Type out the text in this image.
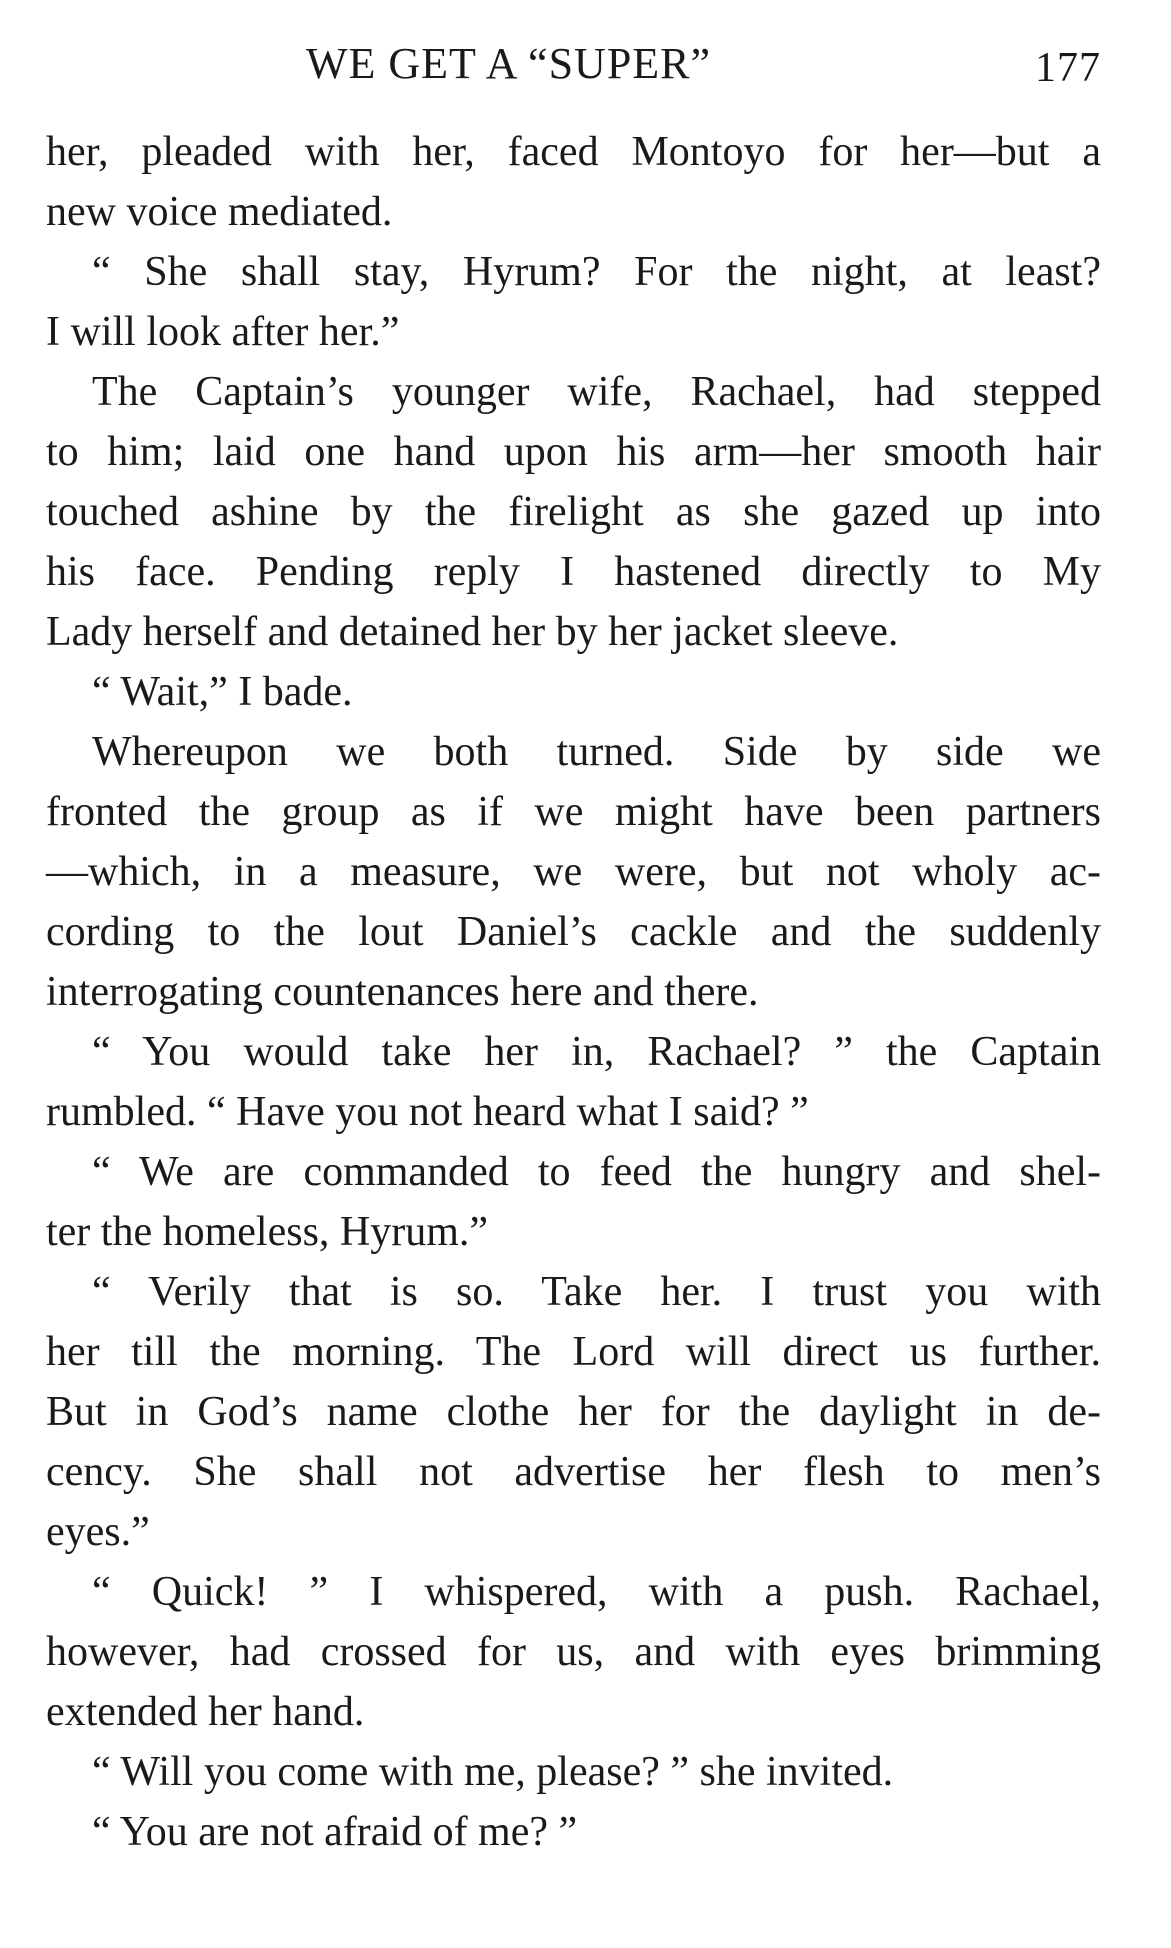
WE GET A “SUPER”	177
her, pleaded with her, faced Montoyo for her—but a
new voice mediated.
“ She shall stay, Hyrum? For the night, at least?
I will look after her.”
The Captain’s younger wife, Rachael, had stepped
to him; laid one hand upon his arm—her smooth hair
touched ashine by the firelight as she gazed up into
his face. Pending reply I hastened directly to My
Lady herself and detained her by her jacket sleeve.
“ Wait,” I bade.
Whereupon we both turned. Side by side we
fronted the group as if we might have been partners
—which, in a measure, we were, but not wholy ac-
cording to the lout Daniel’s cackle and the suddenly
interrogating countenances here and there.
“ You would take her in, Rachael? ” the Captain
rumbled. “ Have you not heard what I said? ”
“ We are commanded to feed the hungry and shel-
ter the homeless, Hyrum.”
“ Verily that is so. Take her. I trust you with
her till the morning. The Lord will direct us further.
But in God’s name clothe her for the daylight in de-
cency. She shall not advertise her flesh to men’s
eyes.”
“ Quick! ” I whispered, with a push. Rachael,
however, had crossed for us, and with eyes brimming
extended her hand.
“ Will you come with me, please? ” she invited.
“ You are not afraid of me? ”
